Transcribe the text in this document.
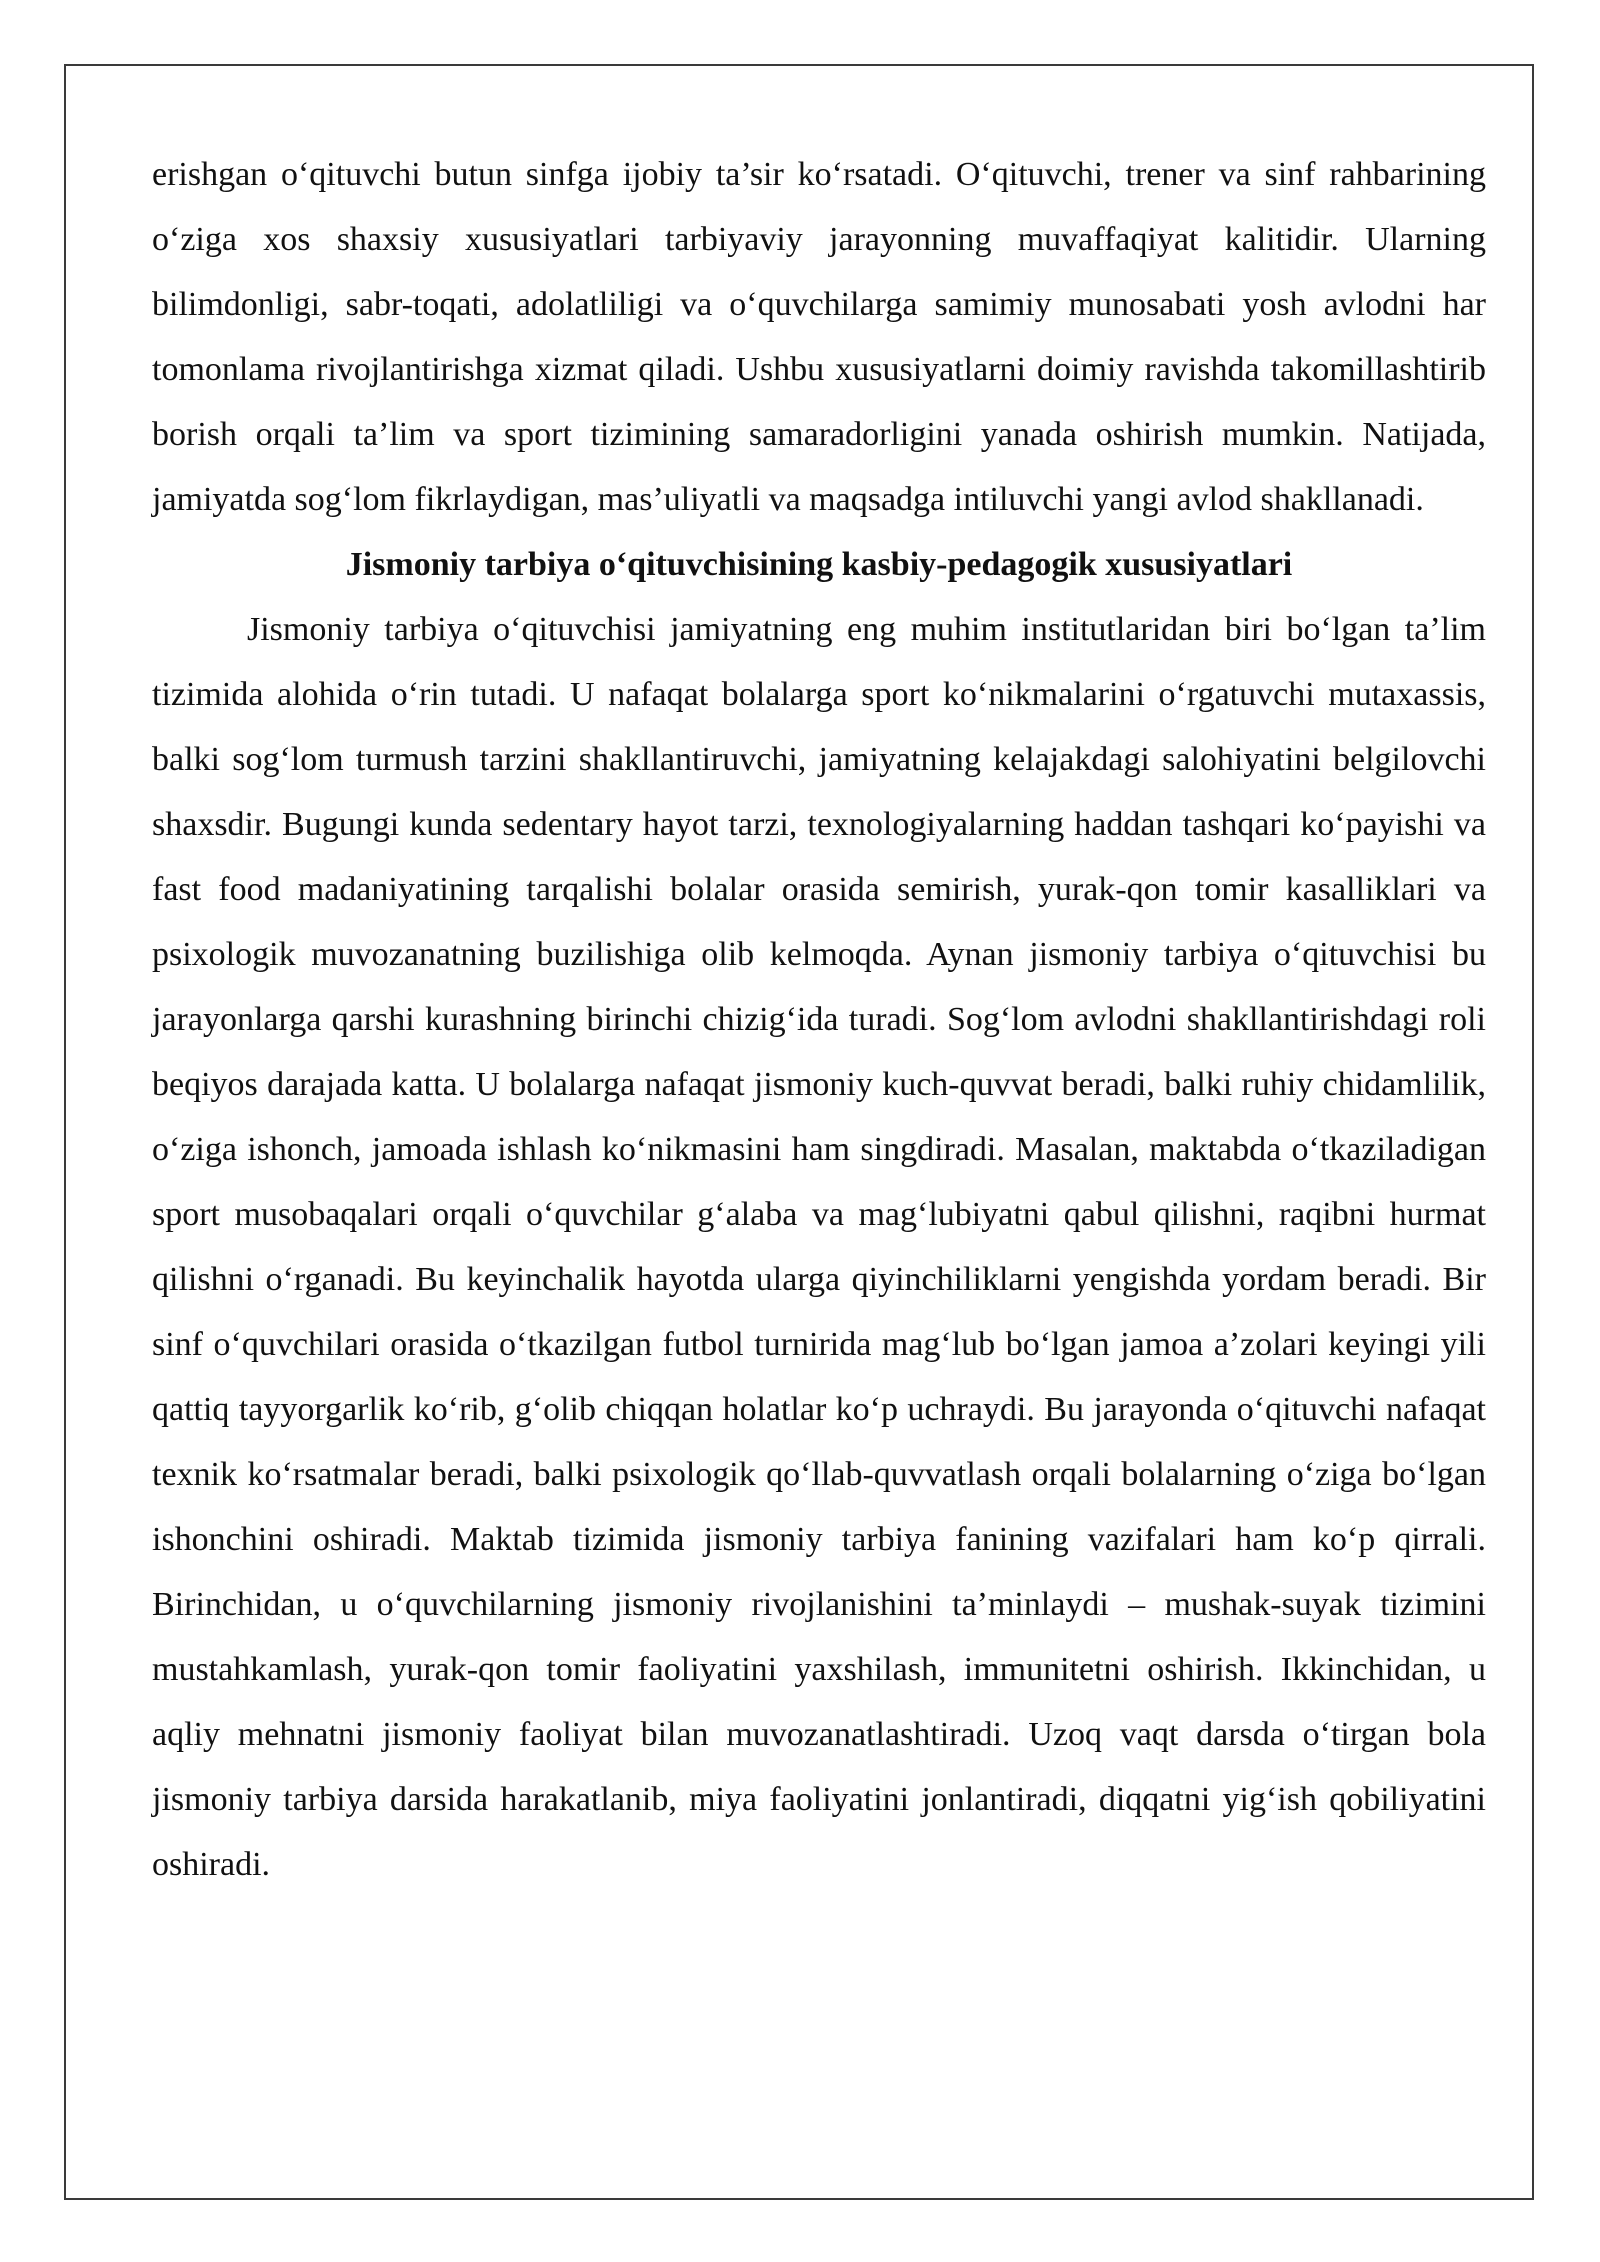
erishgan o‘qituvchi butun sinfga ijobiy ta’sir ko‘rsatadi. O‘qituvchi, trener va sinf rahbarining o‘ziga xos shaxsiy xususiyatlari tarbiyaviy jarayonning muvaffaqiyat kalitidir. Ularning bilimdonligi, sabr-toqati, adolatliligi va o‘quvchilarga samimiy munosabati yosh avlodni har tomonlama rivojlantirishga xizmat qiladi. Ushbu xususiyatlarni doimiy ravishda takomillashtirib borish orqali ta’lim va sport tizimining samaradorligini yanada oshirish mumkin. Natijada, jamiyatda sog‘lom fikrlaydigan, mas’uliyatli va maqsadga intiluvchi yangi avlod shakllanadi.

Jismoniy tarbiya o‘qituvchisining kasbiy-pedagogik xususiyatlari

Jismoniy tarbiya o‘qituvchisi jamiyatning eng muhim institutlaridan biri bo‘lgan ta’lim tizimida alohida o‘rin tutadi. U nafaqat bolalarga sport ko‘nikmalarini o‘rgatuvchi mutaxassis, balki sog‘lom turmush tarzini shakllantiruvchi, jamiyatning kelajakdagi salohiyatini belgilovchi shaxsdir. Bugungi kunda sedentary hayot tarzi, texnologiyalarning haddan tashqari ko‘payishi va fast food madaniyatining tarqalishi bolalar orasida semirish, yurak-qon tomir kasalliklari va psixologik muvozanatning buzilishiga olib kelmoqda. Aynan jismoniy tarbiya o‘qituvchisi bu jarayonlarga qarshi kurashning birinchi chizig‘ida turadi. Sog‘lom avlodni shakllantirishdagi roli beqiyos darajada katta. U bolalarga nafaqat jismoniy kuch-quvvat beradi, balki ruhiy chidamlilik, o‘ziga ishonch, jamoada ishlash ko‘nikmasini ham singdiradi. Masalan, maktabda o‘tkaziladigan sport musobaqalari orqali o‘quvchilar g‘alaba va mag‘lubiyatni qabul qilishni, raqibni hurmat qilishni o‘rganadi. Bu keyinchalik hayotda ularga qiyinchiliklarni yengishda yordam beradi. Bir sinf o‘quvchilari orasida o‘tkazilgan futbol turnirida mag‘lub bo‘lgan jamoa a’zolari keyingi yili qattiq tayyorgarlik ko‘rib, g‘olib chiqqan holatlar ko‘p uchraydi. Bu jarayonda o‘qituvchi nafaqat texnik ko‘rsatmalar beradi, balki psixologik qo‘llab-quvvatlash orqali bolalarning o‘ziga bo‘lgan ishonchini oshiradi. Maktab tizimida jismoniy tarbiya fanining vazifalari ham ko‘p qirrali. Birinchidan, u o‘quvchilarning jismoniy rivojlanishini ta’minlaydi – mushak-suyak tizimini mustahkamlash, yurak-qon tomir faoliyatini yaxshilash, immunitetni oshirish. Ikkinchidan, u aqliy mehnatni jismoniy faoliyat bilan muvozanatlashtiradi. Uzoq vaqt darsda o‘tirgan bola jismoniy tarbiya darsida harakatlanib, miya faoliyatini jonlantiradi, diqqatni yig‘ish qobiliyatini oshiradi.
